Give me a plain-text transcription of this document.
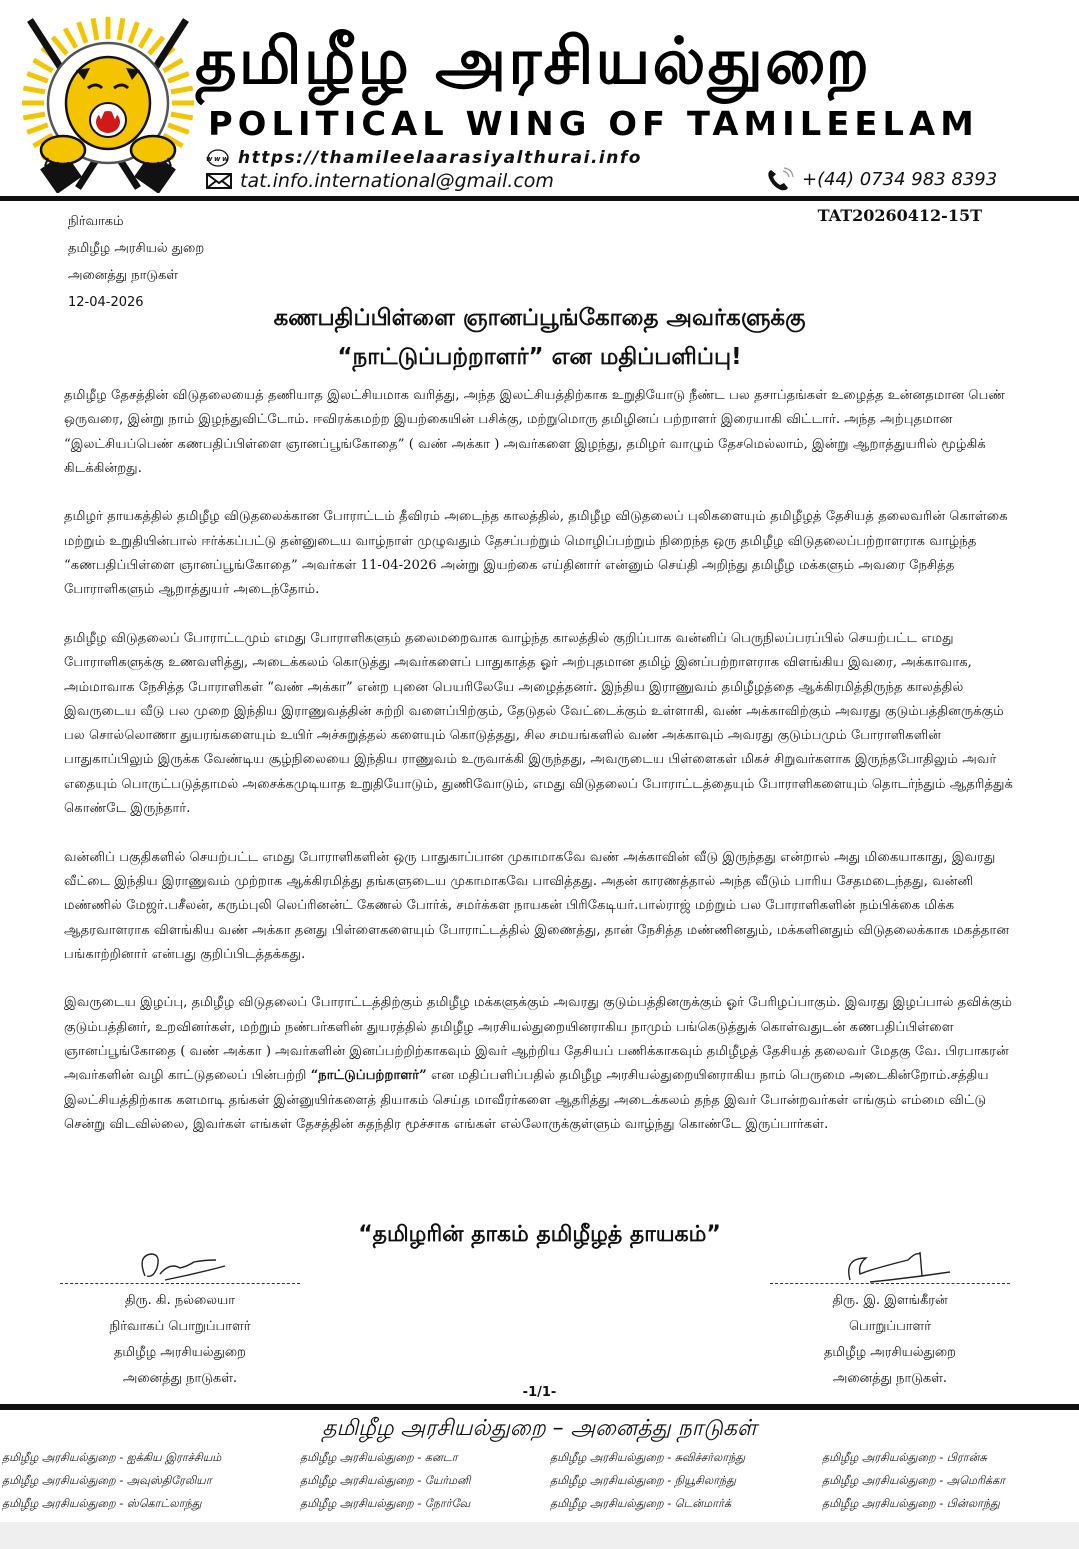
தமிழீழ அரசியல்துறை
POLITICAL WING OF TAMILEELAM
www https://thamileelaarasiyalthurai.info
tat.info.international@gmail.com	+(44) 0734 983 8393
நிர்வாகம்
தமிழீழ அரசியல் துறை
அனைத்து நாடுகள்
12-04-2026
TAT20260412-15T
கணபதிப்பிள்ளை ஞானப்பூங்கோதை அவர்களுக்கு
“நாட்டுப்பற்றாளர்” என மதிப்பளிப்பு!

தமிழீழ தேசத்தின் விடுதலையைத் தணியாத இலட்சியமாக வரித்து, அந்த இலட்சியத்திற்காக உறுதியோடு நீண்ட பல தசாப்தங்கள் உழைத்த உன்னதமான பெண் ஒருவரை, இன்று நாம் இழந்துவிட்டோம். ஈவிரக்கமற்ற இயற்கையின் பசிக்கு, மற்றுமொரு தமிழினப் பற்றாளர் இரையாகி விட்டார். அந்த அற்புதமான “இலட்சியப்பெண் கணபதிப்பிள்ளை ஞானப்பூங்கோதை” ( வண் அக்கா ) அவர்களை இழந்து, தமிழர் வாழும் தேசமெல்லாம், இன்று ஆறாத்துயரில் மூழ்கிக் கிடக்கின்றது.

தமிழர் தாயகத்தில் தமிழீழ விடுதலைக்கான போராட்டம் தீவிரம் அடைந்த காலத்தில், தமிழீழ விடுதலைப் புலிகளையும் தமிழீழத் தேசியத் தலைவரின் கொள்கை மற்றும் உறுதியின்பால் ஈர்க்கப்பட்டு தன்னுடைய வாழ்நாள் முழுவதும் தேசப்பற்றும் மொழிப்பற்றும் நிறைந்த ஒரு தமிழீழ விடுதலைப்பற்றாளராக வாழ்ந்த “கணபதிப்பிள்ளை ஞானப்பூங்கோதை” அவர்கள் 11-04-2026 அன்று இயற்கை எய்தினார் என்னும் செய்தி அறிந்து தமிழீழ மக்களும் அவரை நேசித்த போராளிகளும் ஆறாத்துயர் அடைந்தோம்.

தமிழீழ விடுதலைப் போராட்டமும் எமது போராளிகளும் தலைமறைவாக வாழ்ந்த காலத்தில் குறிப்பாக வன்னிப் பெருநிலப்பரப்பில் செயற்பட்ட எமது போராளிகளுக்கு உணவளித்து, அடைக்கலம் கொடுத்து அவர்களைப் பாதுகாத்த ஓர் அற்புதமான தமிழ் இனப்பற்றாளராக விளங்கிய இவரை, அக்காவாக, அம்மாவாக நேசித்த போராளிகள் “வண் அக்கா” என்ற புனை பெயரிலேயே அழைத்தனர். இந்திய இராணுவம் தமிழீழத்தை ஆக்கிரமித்திருந்த காலத்தில் இவருடைய வீடு பல முறை இந்திய இராணுவத்தின் சுற்றி வளைப்பிற்கும், தேடுதல் வேட்டைக்கும் உள்ளாகி, வண் அக்காவிற்கும் அவரது குடும்பத்தினருக்கும் பல சொல்லொணா துயரங்களையும் உயிர் அச்சுறுத்தல் களையும் கொடுத்தது, சில சமயங்களில் வண் அக்காவும் அவரது குடும்பமும் போராளிகளின் பாதுகாப்பிலும் இருக்க வேண்டிய சூழ்நிலையை இந்திய ராணுவம் உருவாக்கி இருந்தது, அவருடைய பிள்ளைகள் மிகச் சிறுவர்களாக இருந்தபோதிலும் அவர் எதையும் பொருட்படுத்தாமல் அசைக்கமுடியாத உறுதியோடும், துணிவோடும், எமது விடுதலைப் போராட்டத்தையும் போராளிகளையும் தொடர்ந்தும் ஆதரித்துக் கொண்டே இருந்தார்.

வன்னிப் பகுதிகளில் செயற்பட்ட எமது போராளிகளின் ஒரு பாதுகாப்பான முகாமாகவே வண் அக்காவின் வீடு இருந்தது என்றால் அது மிகையாகாது, இவரது வீட்டை இந்திய இராணுவம் முற்றாக ஆக்கிரமித்து தங்களுடைய முகாமாகவே பாவித்தது. அதன் காரணத்தால் அந்த வீடும் பாரிய சேதமடைந்தது, வன்னி மண்ணில் மேஜர்.பசீலன், கரும்புலி லெப்ரினன்ட் கேணல் போர்க், சமர்க்கள நாயகன் பிரிகேடியர்.பால்ராஜ் மற்றும் பல போராளிகளின் நம்பிக்கை மிக்க ஆதரவாளராக விளங்கிய வண் அக்கா தனது பிள்ளைகளையும் போராட்டத்தில் இணைத்து, தான் நேசித்த மண்ணினதும், மக்களினதும் விடுதலைக்காக மகத்தான பங்காற்றினார் என்பது குறிப்பிடத்தக்கது.

இவருடைய இழப்பு, தமிழீழ விடுதலைப் போராட்டத்திற்கும் தமிழீழ மக்களுக்கும் அவரது குடும்பத்தினருக்கும் ஓர் பேரிழப்பாகும். இவரது இழப்பால் தவிக்கும் குடும்பத்தினர், உறவினர்கள், மற்றும் நண்பர்களின் துயரத்தில் தமிழீழ அரசியல்துறையினராகிய நாமும் பங்கெடுத்துக் கொள்வதுடன் கணபதிப்பிள்ளை ஞானப்பூங்கோதை ( வண் அக்கா ) அவர்களின் இனப்பற்றிற்காகவும் இவர் ஆற்றிய தேசியப் பணிக்காகவும் தமிழீழத் தேசியத் தலைவர் மேதகு வே. பிரபாகரன் அவர்களின் வழி காட்டுதலைப் பின்பற்றி “நாட்டுப்பற்றாளர்” என மதிப்பளிப்பதில் தமிழீழ அரசியல்துறையினராகிய நாம் பெருமை அடைகின்றோம்.சத்திய இலட்சியத்திற்காக களமாடி தங்கள் இன்னுயிர்களைத் தியாகம் செய்த மாவீரர்களை ஆதரித்து அடைக்கலம் தந்த இவர் போன்றவர்கள் எங்கும் எம்மை விட்டு சென்று விடவில்லை, இவர்கள் எங்கள் தேசத்தின் சுதந்திர மூச்சாக எங்கள் எல்லோருக்குள்ளும் வாழ்ந்து கொண்டே இருப்பார்கள்.

“தமிழரின் தாகம் தமிழீழத் தாயகம்”
திரு. கி. நல்லையா
நிர்வாகப் பொறுப்பாளர்
தமிழீழ அரசியல்துறை
அனைத்து நாடுகள்.
திரு. இ. இளங்கீரன்
பொறுப்பாளர்
தமிழீழ அரசியல்துறை
அனைத்து நாடுகள்.
-1/1-
தமிழீழ அரசியல்துறை – அனைத்து நாடுகள்
தமிழீழ அரசியல்துறை - ஐக்கிய இராச்சியம்	தமிழீழ அரசியல்துறை - கனடா	தமிழீழ அரசியல்துறை - சுவிச்சர்லாந்து	தமிழீழ அரசியல்துறை - பிரான்சு
தமிழீழ அரசியல்துறை - அவுஸ்திரேலியா	தமிழீழ அரசியல்துறை - யேர்மனி	தமிழீழ அரசியல்துறை - நியூசிலாந்து	தமிழீழ அரசியல்துறை - அமெரிக்கா
தமிழீழ அரசியல்துறை - ஸ்கொட்லாந்து	தமிழீழ அரசியல்துறை - நோர்வே	தமிழீழ அரசியல்துறை - டென்மார்க்	தமிழீழ அரசியல்துறை - பின்லாந்து
